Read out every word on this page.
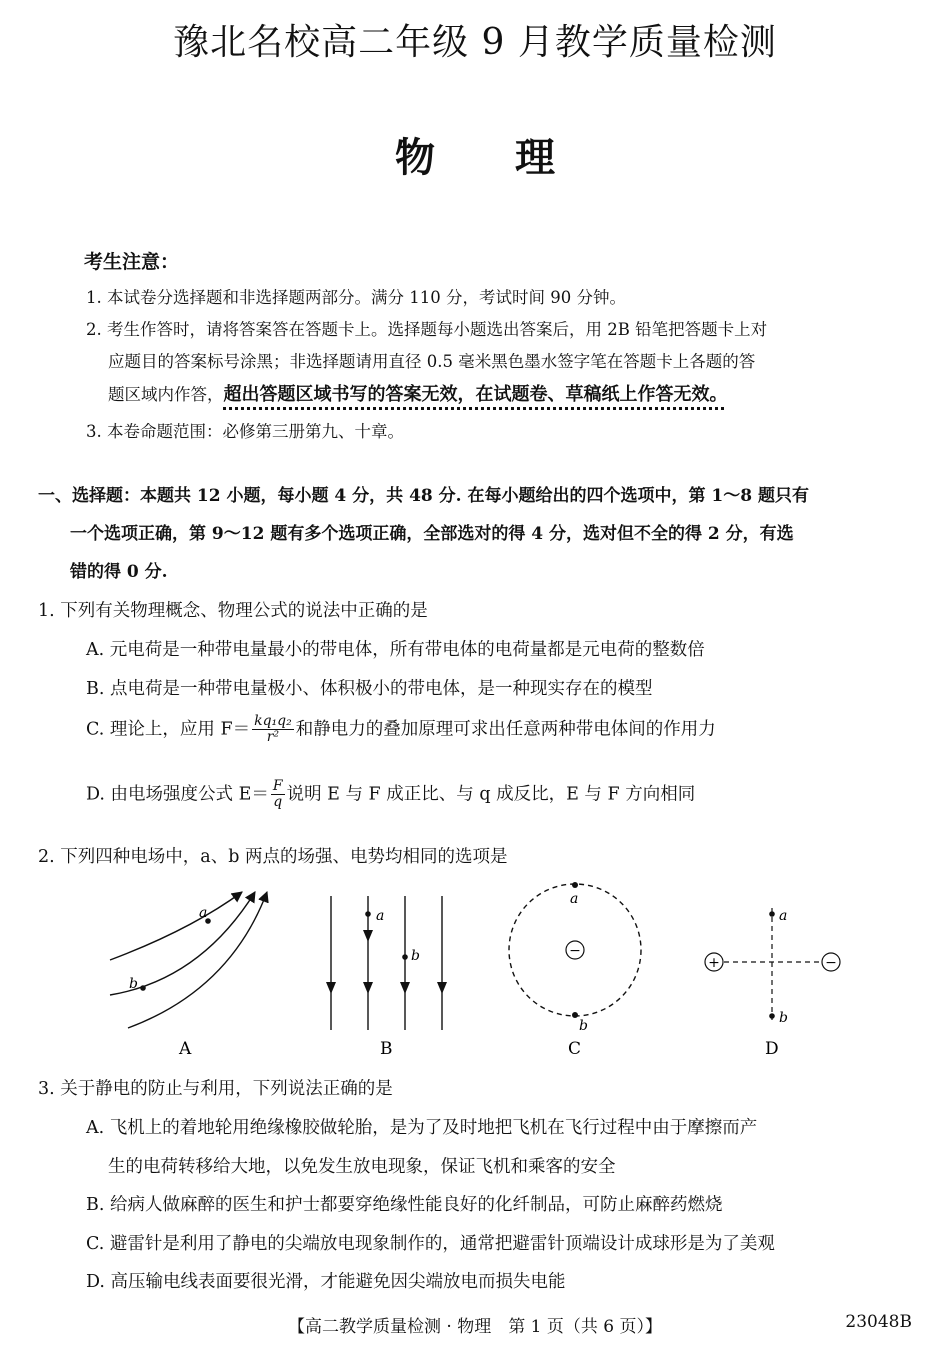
豫北名校高二年级 9 月教学质量检测
物 理
考生注意：
1. 本试卷分选择题和非选择题两部分。满分 110 分，考试时间 90 分钟。
2. 考生作答时，请将答案答在答题卡上。选择题每小题选出答案后，用 2B 铅笔把答题卡上对
应题目的答案标号涂黑；非选择题请用直径 0.5 毫米黑色墨水签字笔在答题卡上各题的答
题区域内作答，超出答题区域书写的答案无效，在试题卷、草稿纸上作答无效。
3. 本卷命题范围：必修第三册第九、十章。
一、选择题：本题共 12 小题，每小题 4 分，共 48 分. 在每小题给出的四个选项中，第 1～8 题只有
一个选项正确，第 9～12 题有多个选项正确，全部选对的得 4 分，选对但不全的得 2 分，有选
错的得 0 分.
1. 下列有关物理概念、物理公式的说法中正确的是
A. 元电荷是一种带电量最小的带电体，所有带电体的电荷量都是元电荷的整数倍
B. 点电荷是一种带电量极小、体积极小的带电体，是一种现实存在的模型
C. 理论上，应用 $F= \frac{\text{kq₁q₂}}{\text{r²}}$ 和静电力的叠加原理可求出任意两种带电体间的作用力
D. 由电场强度公式 $E= \frac{F}{q}$ 说明 E 与 F 成正比、与 q 成反比，E 与 F 方向相同
2. 下列四种电场中，a、b 两点的场强、电势均相同的选项是
a
b
A
a
b
B
−
a
b
C
+	−
a
b
D
3. 关于静电的防止与利用，下列说法正确的是
A. 飞机上的着地轮用绝缘橡胶做轮胎，是为了及时地把飞机在飞行过程中由于摩擦而产
生的电荷转移给大地，以免发生放电现象，保证飞机和乘客的安全
B. 给病人做麻醉的医生和护士都要穿绝缘性能良好的化纤制品，可防止麻醉药燃烧
C. 避雷针是利用了静电的尖端放电现象制作的，通常把避雷针顶端设计成球形是为了美观
D. 高压输电线表面要很光滑，才能避免因尖端放电而损失电能
【高二教学质量检测 · 物理　第 1 页（共 6 页）】	23048B
